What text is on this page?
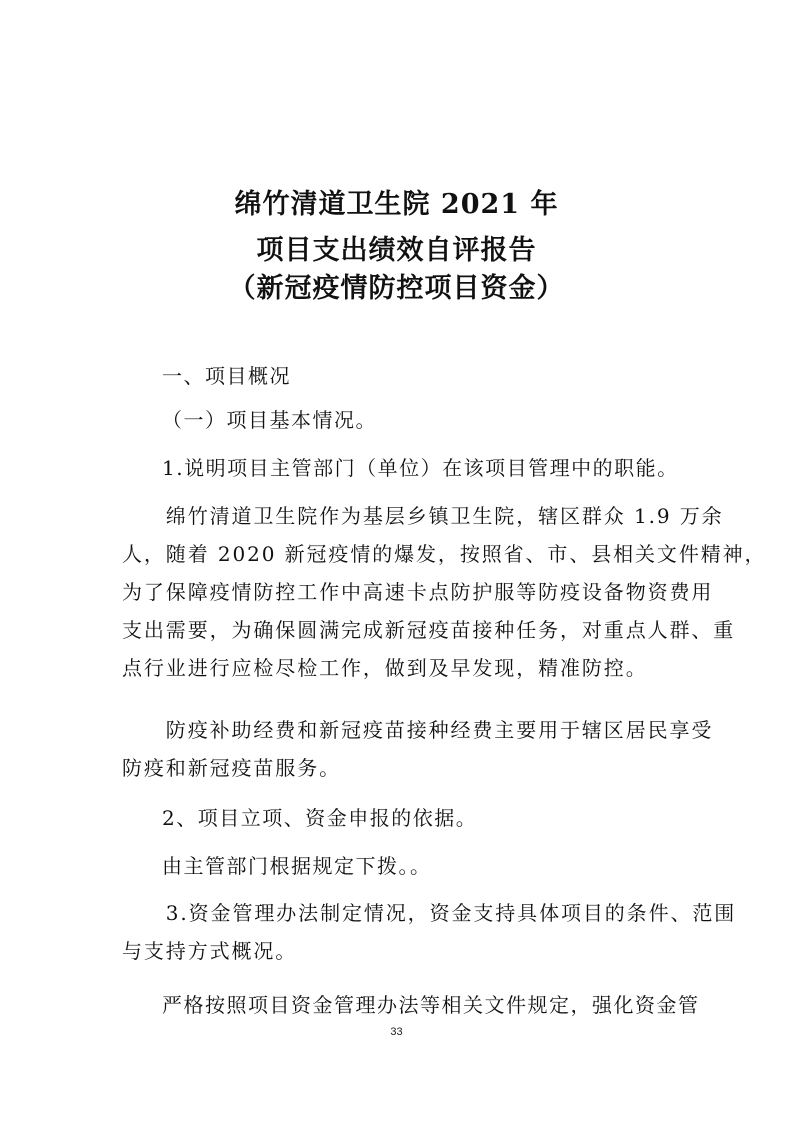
绵竹清道卫生院 2021 年
项目支出绩效自评报告
（新冠疫情防控项目资金）
一、项目概况
（一）项目基本情况。
1.说明项目主管部门（单位）在该项目管理中的职能。
　　绵竹清道卫生院作为基层乡镇卫生院，辖区群众 1.9 万余
人，随着 2020 新冠疫情的爆发，按照省、市、县相关文件精神，
为了保障疫情防控工作中高速卡点防护服等防疫设备物资费用
支出需要，为确保圆满完成新冠疫苗接种任务，对重点人群、重
点行业进行应检尽检工作，做到及早发现，精准防控。
　　防疫补助经费和新冠疫苗接种经费主要用于辖区居民享受
防疫和新冠疫苗服务。
2、项目立项、资金申报的依据。
由主管部门根据规定下拨。。
　　3.资金管理办法制定情况，资金支持具体项目的条件、范围
与支持方式概况。
严格按照项目资金管理办法等相关文件规定，强化资金管
33
